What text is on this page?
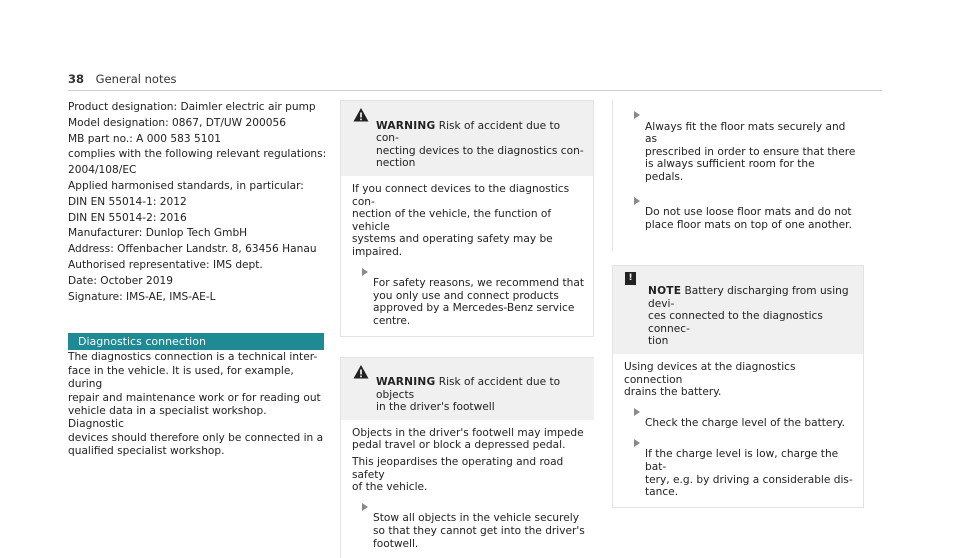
38 General notes
Product designation: Daimler electric air pump
Model designation: 0867, DT/UW 200056
MB part no.: A 000 583 5101
complies with the following relevant regulations:
2004/108/EC
Applied harmonised standards, in particular:
DIN EN 55014-1: 2012
DIN EN 55014-2: 2016
Manufacturer: Dunlop Tech GmbH
Address: Offenbacher Landstr. 8, 63456 Hanau
Authorised representative: IMS dept.
Date: October 2019
Signature: IMS-AE, IMS-AE-L
Diagnostics connection
The diagnostics connection is a technical inter-
face in the vehicle. It is used, for example, during
repair and maintenance work or for reading out
vehicle data in a specialist workshop. Diagnostic
devices should therefore only be connected in a
qualified specialist workshop.

WARNING Risk of accident due to con-
necting devices to the diagnostics con-
nection

If you connect devices to the diagnostics con-
nection of the vehicle, the function of vehicle
systems and operating safety may be
impaired.

For safety reasons, we recommend that
you only use and connect products
approved by a Mercedes-Benz service
centre.

WARNING Risk of accident due to objects
in the driver's footwell

Objects in the driver's footwell may impede
pedal travel or block a depressed pedal.

This jeopardises the operating and road safety
of the vehicle.

Stow all objects in the vehicle securely
so that they cannot get into the driver's
footwell.

Always fit the floor mats securely and as
prescribed in order to ensure that there
is always sufficient room for the pedals.

Do not use loose floor mats and do not
place floor mats on top of one another.

!
NOTE Battery discharging from using devi-
ces connected to the diagnostics connec-
tion

Using devices at the diagnostics connection
drains the battery.

Check the charge level of the battery.

If the charge level is low, charge the bat-
tery, e.g. by driving a considerable dis-
tance.
